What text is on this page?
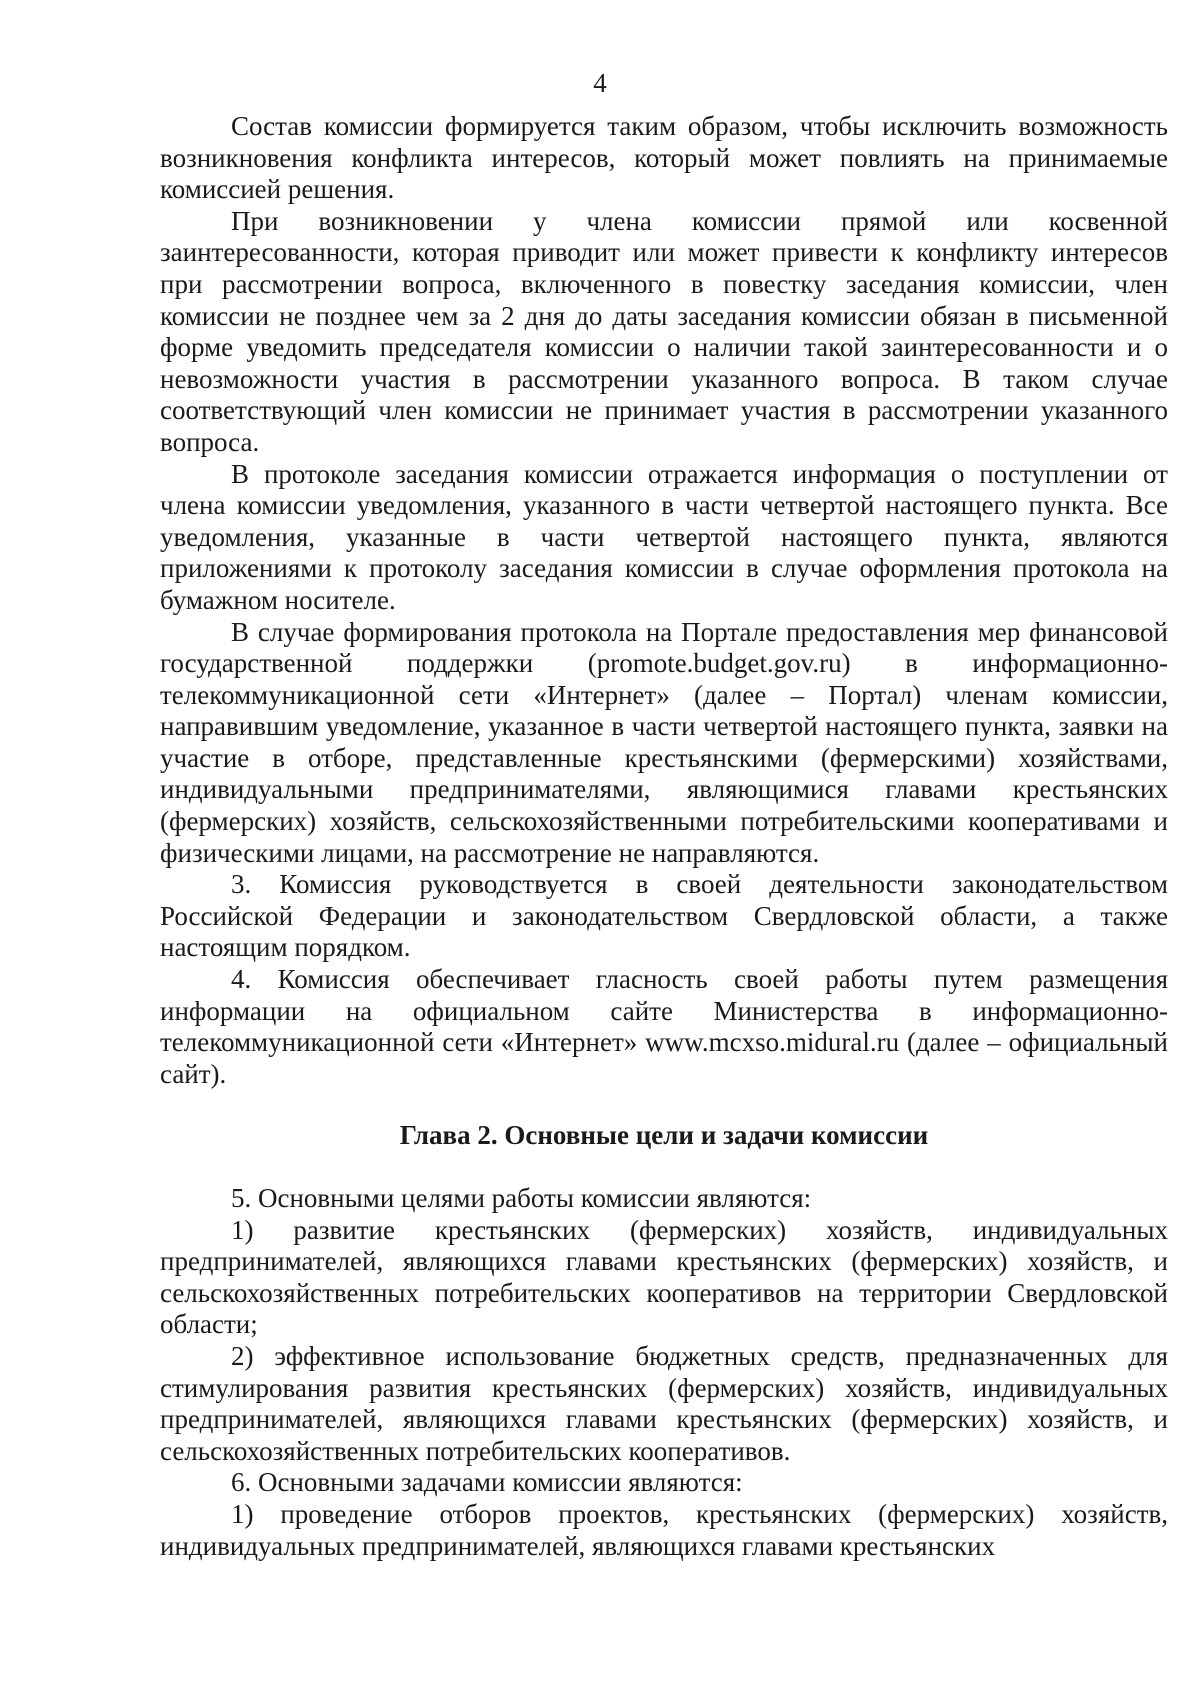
4

Состав комиссии формируется таким образом, чтобы исключить возможность возникновения конфликта интересов, который может повлиять на принимаемые комиссией решения.

При возникновении у члена комиссии прямой или косвенной заинтересованности, которая приводит или может привести к конфликту интересов при рассмотрении вопроса, включенного в повестку заседания комиссии, член комиссии не позднее чем за 2 дня до даты заседания комиссии обязан в письменной форме уведомить председателя комиссии о наличии такой заинтересованности и о невозможности участия в рассмотрении указанного вопроса. В таком случае соответствующий член комиссии не принимает участия в рассмотрении указанного вопроса.

В протоколе заседания комиссии отражается информация о поступлении от члена комиссии уведомления, указанного в части четвертой настоящего пункта. Все уведомления, указанные в части четвертой настоящего пункта, являются приложениями к протоколу заседания комиссии в случае оформления протокола на бумажном носителе.

В случае формирования протокола на Портале предоставления мер финансовой государственной поддержки (promote.budget.gov.ru) в информационно-телекоммуникационной сети «Интернет» (далее – Портал) членам комиссии, направившим уведомление, указанное в части четвертой настоящего пункта, заявки на участие в отборе, представленные крестьянскими (фермерскими) хозяйствами, индивидуальными предпринимателями, являющимися главами крестьянских (фермерских) хозяйств, сельскохозяйственными потребительскими кооперативами и физическими лицами, на рассмотрение не направляются.

3. Комиссия руководствуется в своей деятельности законодательством Российской Федерации и законодательством Свердловской области, а также настоящим порядком.

4. Комиссия обеспечивает гласность своей работы путем размещения информации на официальном сайте Министерства в информационно-телекоммуникационной сети «Интернет» www.mcxso.midural.ru (далее – официальный сайт).

Глава 2. Основные цели и задачи комиссии

5. Основными целями работы комиссии являются:

1) развитие крестьянских (фермерских) хозяйств, индивидуальных предпринимателей, являющихся главами крестьянских (фермерских) хозяйств, и сельскохозяйственных потребительских кооперативов на территории Свердловской области;

2) эффективное использование бюджетных средств, предназначенных для стимулирования развития крестьянских (фермерских) хозяйств, индивидуальных предпринимателей, являющихся главами крестьянских (фермерских) хозяйств, и сельскохозяйственных потребительских кооперативов.

6. Основными задачами комиссии являются:

1) проведение отборов проектов, крестьянских (фермерских) хозяйств, индивидуальных предпринимателей, являющихся главами крестьянских
